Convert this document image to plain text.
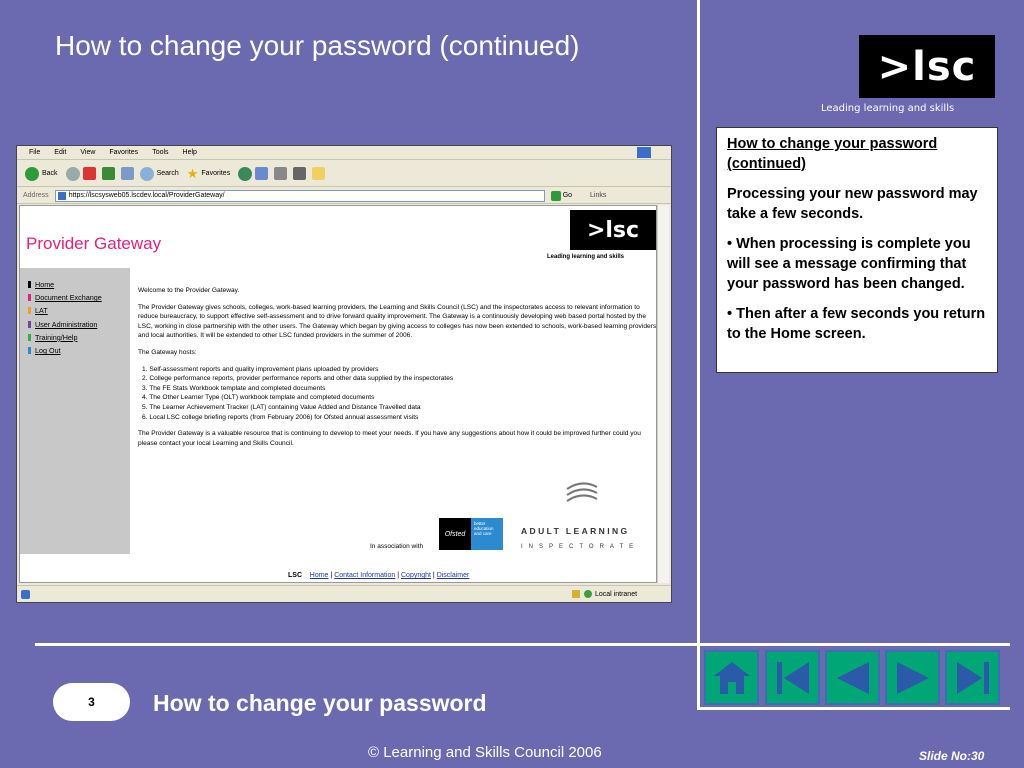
How to change your password (continued)	>lsc
Leading learning and skills

How to change your password (continued)

Processing your new password may take a few seconds.

• When processing is complete you will see a message confirming that your password has been changed.

• Then after a few seconds you return to the Home screen.

File Edit View Favorites Tools Help
Back	Search ★ Favorites
Address	https://lscsysweb05.lscdev.local/ProviderGateway/	Go	Links
Provider Gateway
>lsc
Leading learning and skills
Home
Document Exchange
LAT
User Administration
Training/Help
Log Out

Welcome to the Provider Gateway.

The Provider Gateway gives schools, colleges, work-based learning providers, the Learning and Skills Council (LSC) and the inspectorates access to relevant information to reduce bureaucracy, to support effective self-assessment and to drive forward quality improvement. The Gateway is a continuously developing web based portal hosted by the LSC, working in close partnership with the other users. The Gateway which began by giving access to colleges has now been extended to schools, work-based learning providers and local authorities. It will be extended to other LSC funded providers in the summer of 2006.

The Gateway hosts:

1. Self-assessment reports and quality improvement plans uploaded by providers
2. College performance reports, provider performance reports and other data supplied by the inspectorates
3. The FE Stats Workbook template and completed documents
4. The Other Learner Type (OLT) workbook template and completed documents
5. The Learner Achievement Tracker (LAT) containing Value Added and Distance Travelled data
6. Local LSC college briefing reports (from February 2006) for Ofsted annual assessment visits

The Provider Gateway is a valuable resource that is continuing to develop to meet your needs. If you have any suggestions about how it could be improved further could you please contact your local Learning and Skills Council.

In association with
Ofsted
better education and care	ADULT LEARNING
INSPECTORATE
LSC Home | Contact Information | Copyright | Disclaimer
Local intranet
3	How to change your password
© Learning and Skills Council 2006	Slide No:30
